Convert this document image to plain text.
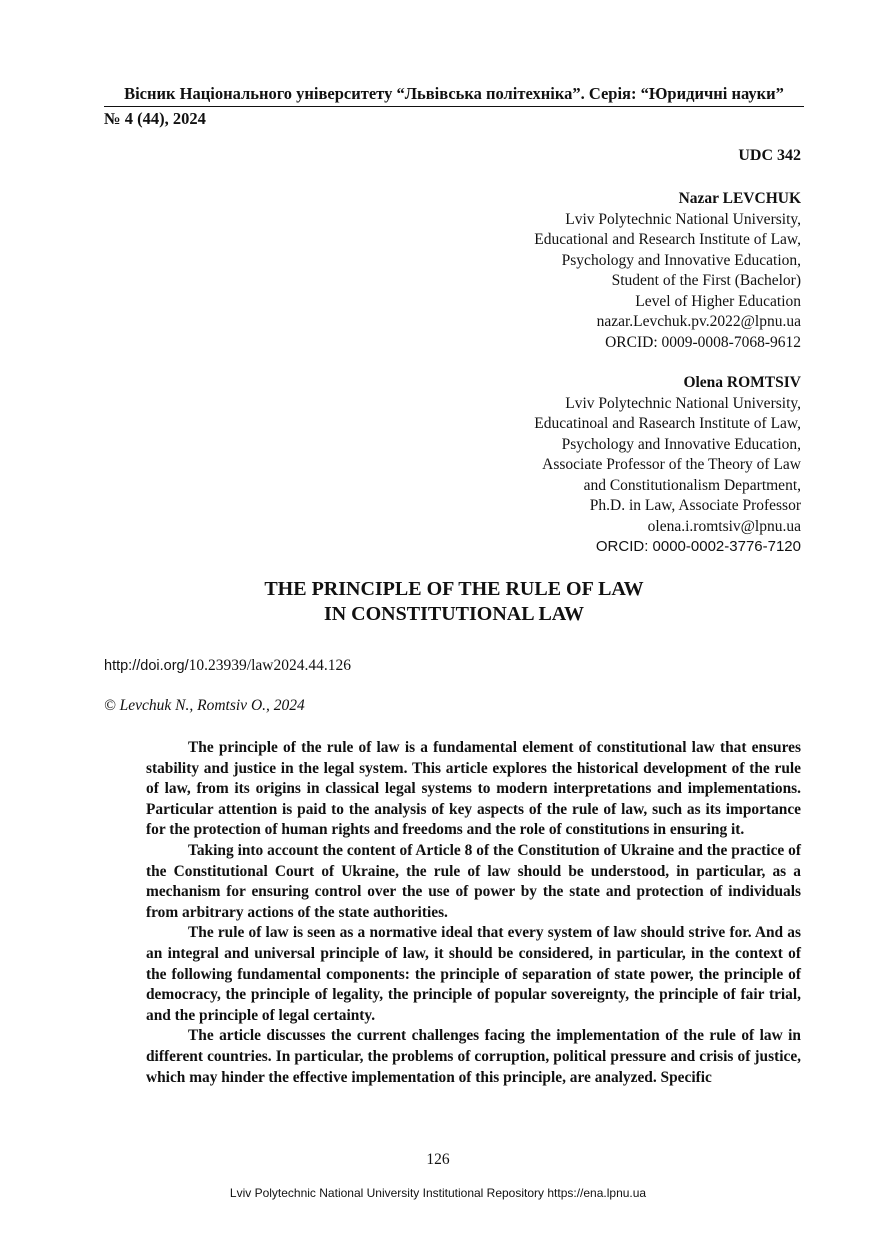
Вісник Національного університету “Львівська політехніка”. Серія: “Юридичні науки”
№ 4 (44), 2024
UDC 342
Nazar LEVCHUK
Lviv Polytechnic National University,
Educational and Research Institute of Law,
Psychology and Innovative Education,
Student of the First (Bachelor)
Level of Higher Education
nazar.Levchuk.pv.2022@lpnu.ua
ORCID: 0009-0008-7068-9612
Olena ROMTSIV
Lviv Polytechnic National University,
Educatinoal and Rasearch Institute of Law,
Psychology and Innovative Education,
Associate Professor of the Theory of Law
and Constitutionalism Department,
Ph.D. in Law, Associate Professor
olena.i.romtsiv@lpnu.ua
ORCID: 0000-0002-3776-7120
THE PRINCIPLE OF THE RULE OF LAW
IN CONSTITUTIONAL LAW
http://doi.org/10.23939/law2024.44.126
© Levchuk N., Romtsiv O., 2024

The principle of the rule of law is a fundamental element of constitutional law that ensures stability and justice in the legal system. This article explores the historical development of the rule of law, from its origins in classical legal systems to modern interpretations and implementations. Particular attention is paid to the analysis of key aspects of the rule of law, such as its importance for the protection of human rights and freedoms and the role of constitutions in ensuring it.

Taking into account the content of Article 8 of the Constitution of Ukraine and the practice of the Constitutional Court of Ukraine, the rule of law should be understood, in particular, as a mechanism for ensuring control over the use of power by the state and protection of individuals from arbitrary actions of the state authorities.

The rule of law is seen as a normative ideal that every system of law should strive for. And as an integral and universal principle of law, it should be considered, in particular, in the context of the following fundamental components: the principle of separation of state power, the principle of democracy, the principle of legality, the principle of popular sovereignty, the principle of fair trial, and the principle of legal certainty.

The article discusses the current challenges facing the implementation of the rule of law in different countries. In particular, the problems of corruption, political pressure and crisis of justice, which may hinder the effective implementation of this principle, are analyzed. Specific

126
Lviv Polytechnic National University Institutional Repository https://ena.lpnu.ua
